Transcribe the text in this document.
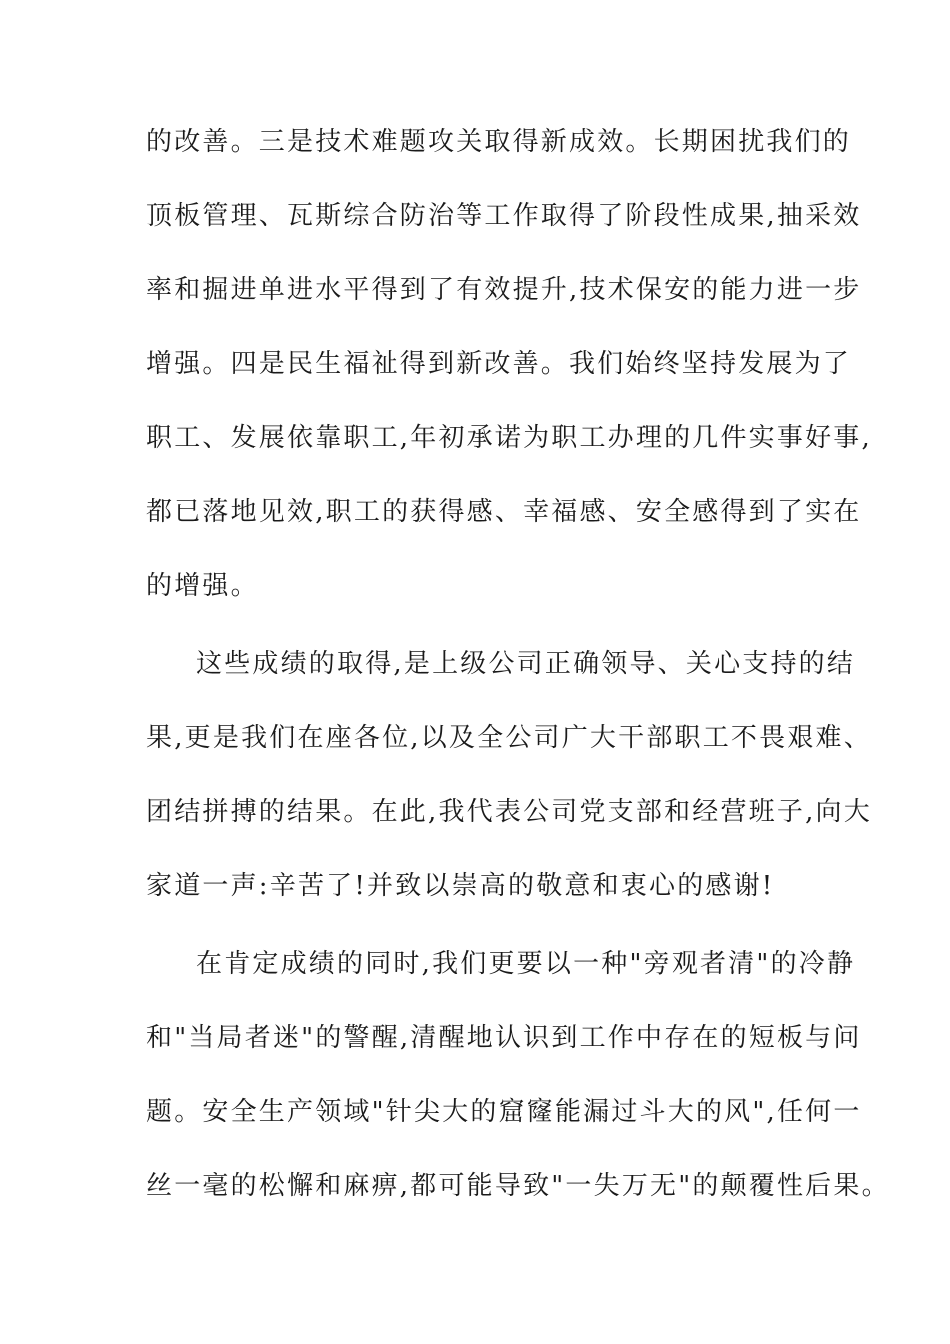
的改善。三是技术难题攻关取得新成效。长期困扰我们的
顶板管理、瓦斯综合防治等工作取得了阶段性成果,抽采效
率和掘进单进水平得到了有效提升,技术保安的能力进一步
增强。四是民生福祉得到新改善。我们始终坚持发展为了
职工、发展依靠职工,年初承诺为职工办理的几件实事好事,
都已落地见效,职工的获得感、幸福感、安全感得到了实在
的增强。
这些成绩的取得,是上级公司正确领导、关心支持的结
果,更是我们在座各位,以及全公司广大干部职工不畏艰难、
团结拼搏的结果。在此,我代表公司党支部和经营班子,向大
家道一声:辛苦了!并致以崇高的敬意和衷心的感谢!
在肯定成绩的同时,我们更要以一种"旁观者清"的冷静
和"当局者迷"的警醒,清醒地认识到工作中存在的短板与问
题。安全生产领域"针尖大的窟窿能漏过斗大的风",任何一
丝一毫的松懈和麻痹,都可能导致"一失万无"的颠覆性后果。
